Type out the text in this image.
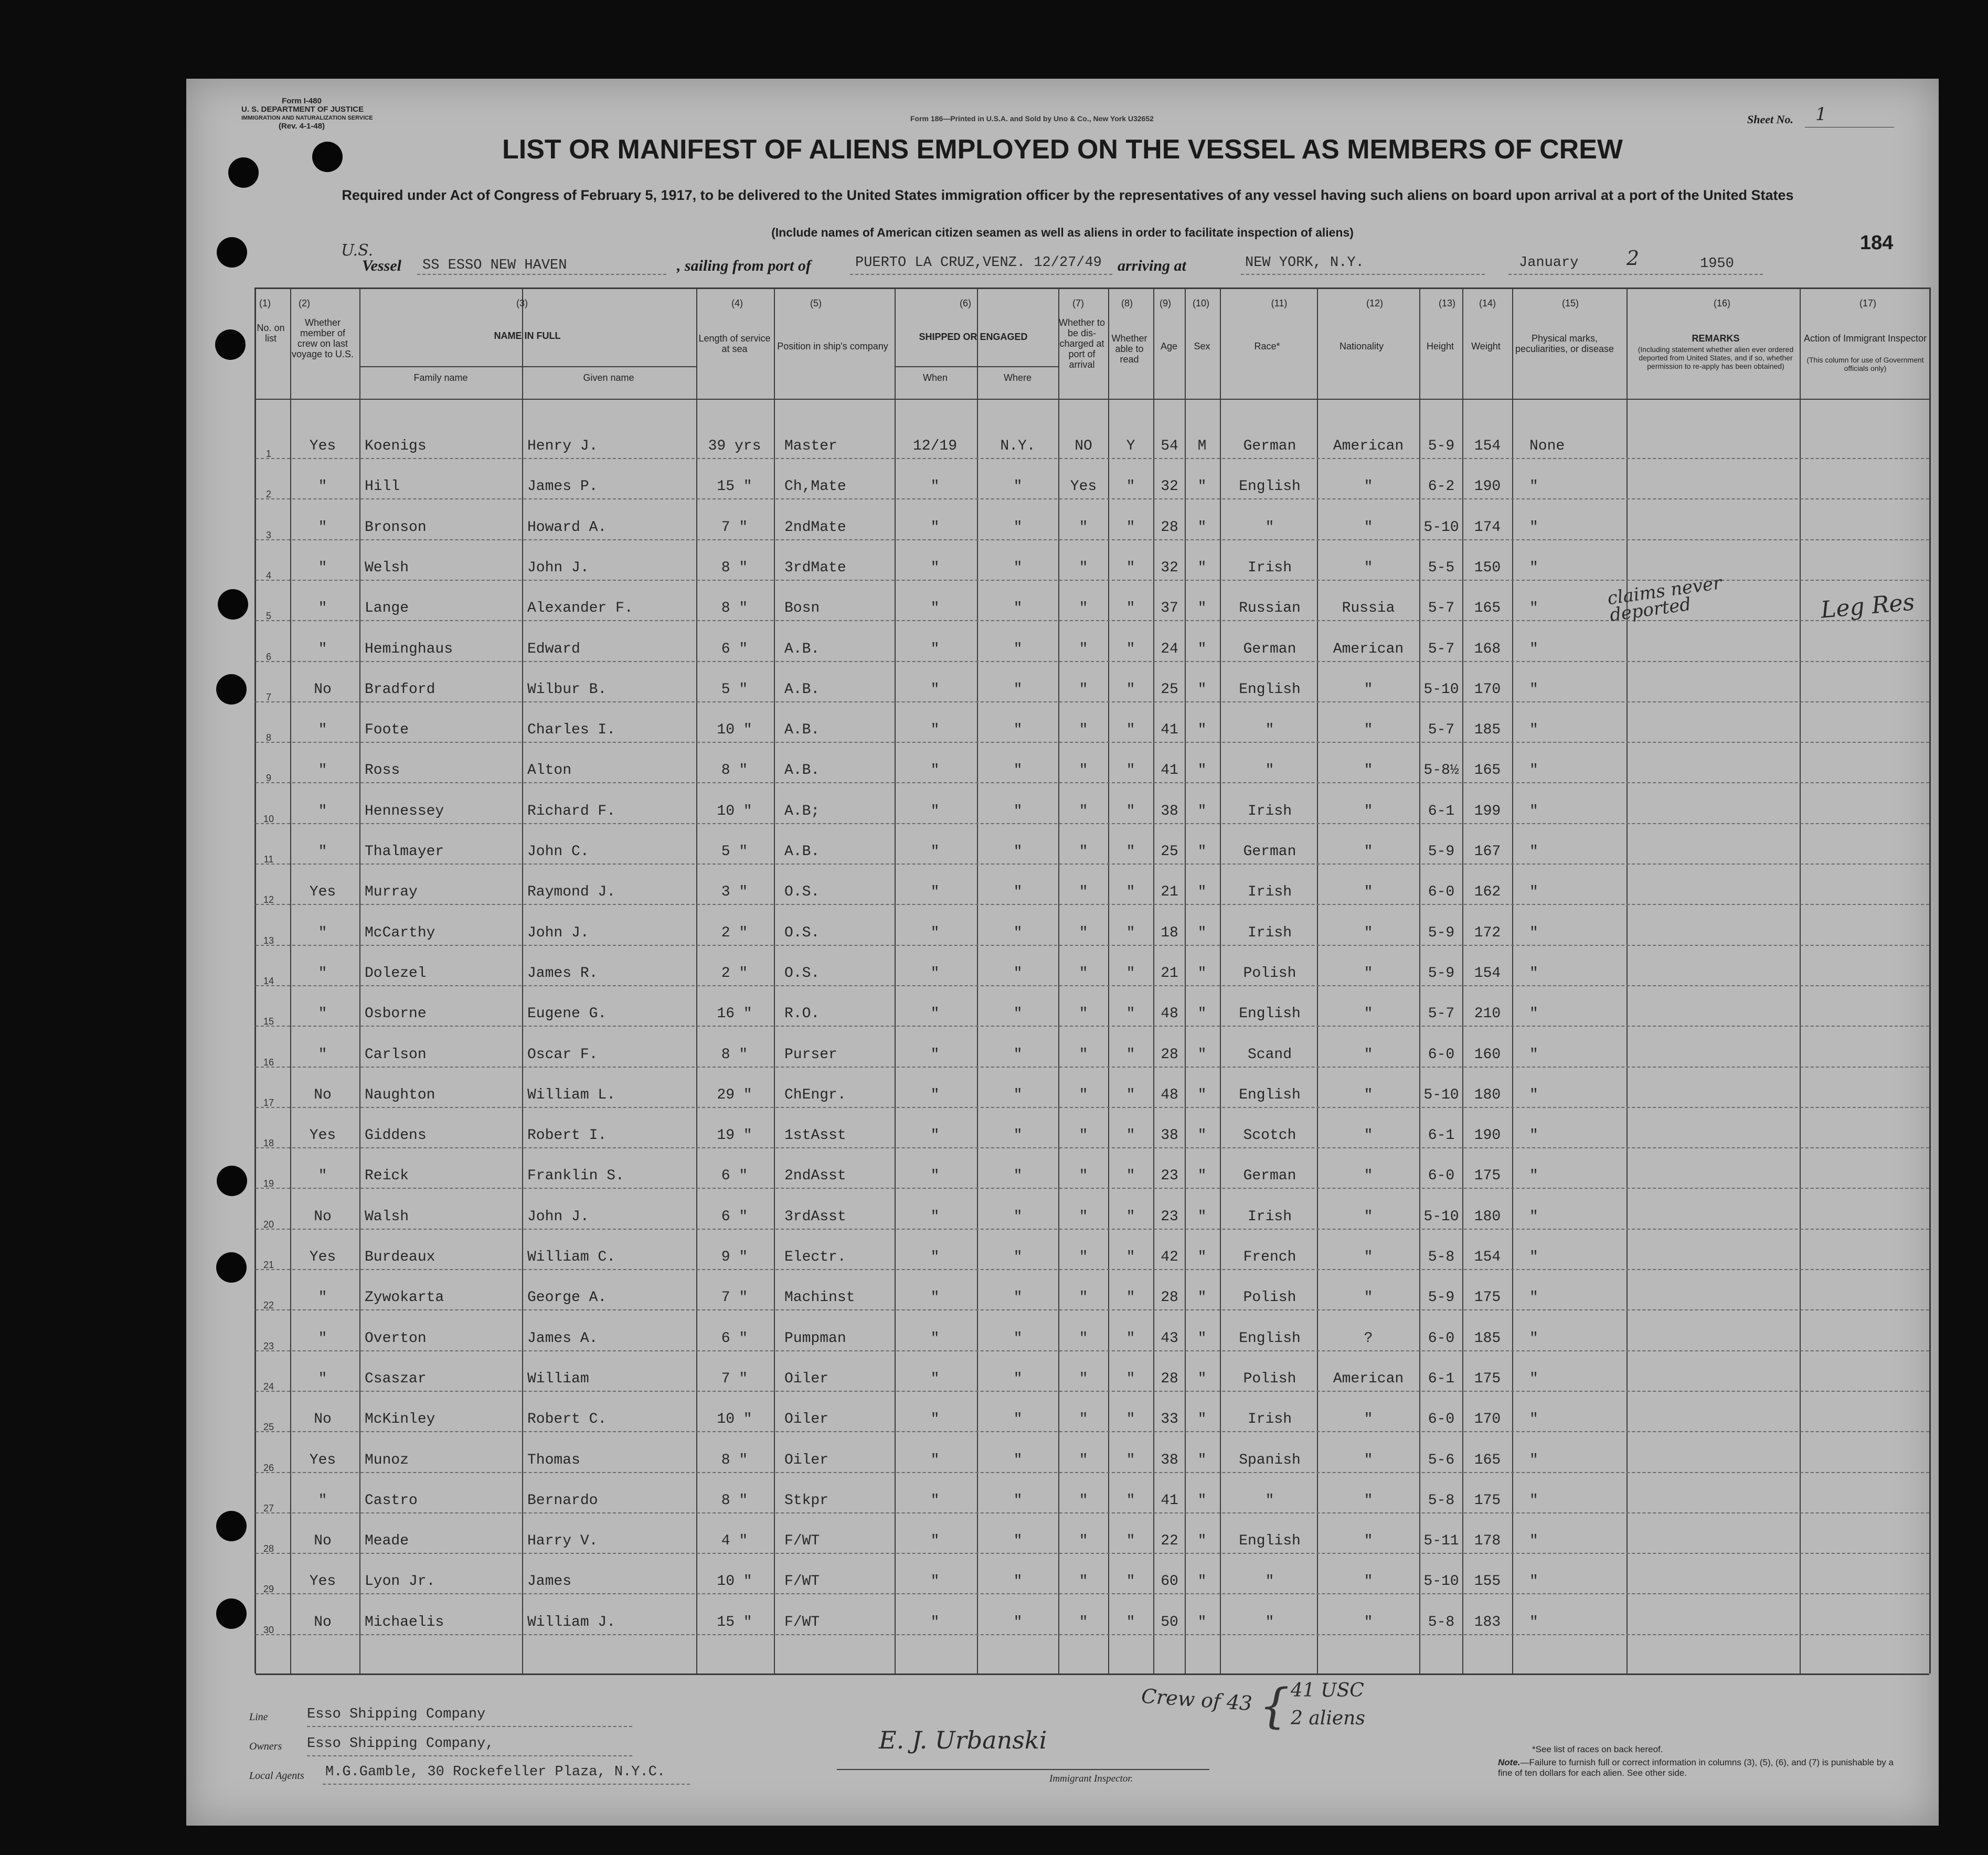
Form I-480
U. S. DEPARTMENT OF JUSTICE
IMMIGRATION AND NATURALIZATION SERVICE
(Rev. 4-1-48)
Form 186—Printed in U.S.A. and Sold by Uno & Co., New York U32652	Sheet No. 1
LIST OR MANIFEST OF ALIENS EMPLOYED ON THE VESSEL AS MEMBERS OF CREW
Required under Act of Congress of February 5, 1917, to be delivered to the United States immigration officer by the representatives of any vessel having such aliens on board upon arrival at a port of the United States
(Include names of American citizen seamen as well as aliens in order to facilitate inspection of aliens)	184
U.S.
Vessel SS ESSO NEW HAVEN	, sailing from port of	PUERTO LA CRUZ,VENZ. 12/27/49 arriving at	NEW YORK, N.Y.	January 2	1950
(1)	(2)	(3)	(4)	(5)	(6)	(7)	(8)	(9)	(10)	(11)	(12)	(13) (14)	(15)	(16)	(17)
No. on list
Whether member of crew on last voyage to U.S.
NAME IN FULL
Family name	Given name
Length of service at sea	Position in ship's company
SHIPPED OR ENGAGED
When	Where
Whether to be dis-charged at port of arrival
Whether able to read
Age	Sex	Race*	Nationality	Height	Weight
Physical marks, peculiarities, or disease
REMARKS
(Including statement whether alien ever ordered deported from United States, and if so, whether permission to re-apply has been obtained)
Action of Immigrant Inspector
(This column for use of Government officials only)
1	Yes	Koenigs	Henry J.	39 yrs	Master	12/19	N.Y.	NO	Y	54	M	German	American	5-9	154	None
2	"	Hill	James P.	15 "	Ch,Mate	"	"	Yes	"	32	"	English	"	6-2	190	"
3	"	Bronson	Howard A.	7 "	2ndMate	"	"	"	"	28	"	"	"	5-10	174	"
4	"	Welsh	John J.	8 "	3rdMate	"	"	"	"	32	"	Irish	"	5-5	150	"
5	"	Lange	Alexander F.	8 "	Bosn	"	"	"	"	37	"	Russian	Russia	5-7	165	"
6	"	Heminghaus	Edward	6 "	A.B.	"	"	"	"	24	"	German	American	5-7	168	"
7	No	Bradford	Wilbur B.	5 "	A.B.	"	"	"	"	25	"	English	"	5-10	170	"
8	"	Foote	Charles I.	10 "	A.B.	"	"	"	"	41	"	"	"	5-7	185	"
9	"	Ross	Alton	8 "	A.B.	"	"	"	"	41	"	"	"	5-8½	165	"
10	"	Hennessey	Richard F.	10 "	A.B;	"	"	"	"	38	"	Irish	"	6-1	199	"
11	"	Thalmayer	John C.	5 "	A.B.	"	"	"	"	25	"	German	"	5-9	167	"
12	Yes	Murray	Raymond J.	3 "	O.S.	"	"	"	"	21	"	Irish	"	6-0	162	"
13	"	McCarthy	John J.	2 "	O.S.	"	"	"	"	18	"	Irish	"	5-9	172	"
14	"	Dolezel	James R.	2 "	O.S.	"	"	"	"	21	"	Polish	"	5-9	154	"
15	"	Osborne	Eugene G.	16 "	R.O.	"	"	"	"	48	"	English	"	5-7	210	"
16	"	Carlson	Oscar F.	8 "	Purser	"	"	"	"	28	"	Scand	"	6-0	160	"
17	No	Naughton	William L.	29 "	ChEngr.	"	"	"	"	48	"	English	"	5-10	180	"
18	Yes	Giddens	Robert I.	19 "	1stAsst	"	"	"	"	38	"	Scotch	"	6-1	190	"
19	"	Reick	Franklin S.	6 "	2ndAsst	"	"	"	"	23	"	German	"	6-0	175	"
20	No	Walsh	John J.	6 "	3rdAsst	"	"	"	"	23	"	Irish	"	5-10	180	"
21	Yes	Burdeaux	William C.	9 "	Electr.	"	"	"	"	42	"	French	"	5-8	154	"
22	"	Zywokarta	George A.	7 "	Machinst	"	"	"	"	28	"	Polish	"	5-9	175	"
23	"	Overton	James A.	6 "	Pumpman	"	"	"	"	43	"	English	?	6-0	185	"
24	"	Csaszar	William	7 "	Oiler	"	"	"	"	28	"	Polish	American	6-1	175	"
25	No	McKinley	Robert C.	10 "	Oiler	"	"	"	"	33	"	Irish	"	6-0	170	"
26	Yes	Munoz	Thomas	8 "	Oiler	"	"	"	"	38	"	Spanish	"	5-6	165	"
27	"	Castro	Bernardo	8 "	Stkpr	"	"	"	"	41	"	"	"	5-8	175	"
28	No	Meade	Harry V.	4 "	F/WT	"	"	"	"	22	"	English	"	5-11	178	"
29	Yes	Lyon Jr.	James	10 "	F/WT	"	"	"	"	60	"	"	"	5-10	155	"
30	No	Michaelis	William J.	15 "	F/WT	"	"	"	"	50	"	"	"	5-8	183	"
claims never deported	Leg Res
Line	Esso Shipping Company
Owners Esso Shipping Company,
Local Agents M.G.Gamble, 30 Rockefeller Plaza, N.Y.C.
E. J. Urbanski
Immigrant Inspector.
Crew of 43 { 41 USC
2 aliens
*See list of races on back hereof.
Note.—Failure to furnish full or correct information in columns (3), (5), (6), and (7) is punishable by a fine of ten dollars for each alien. See other side.
